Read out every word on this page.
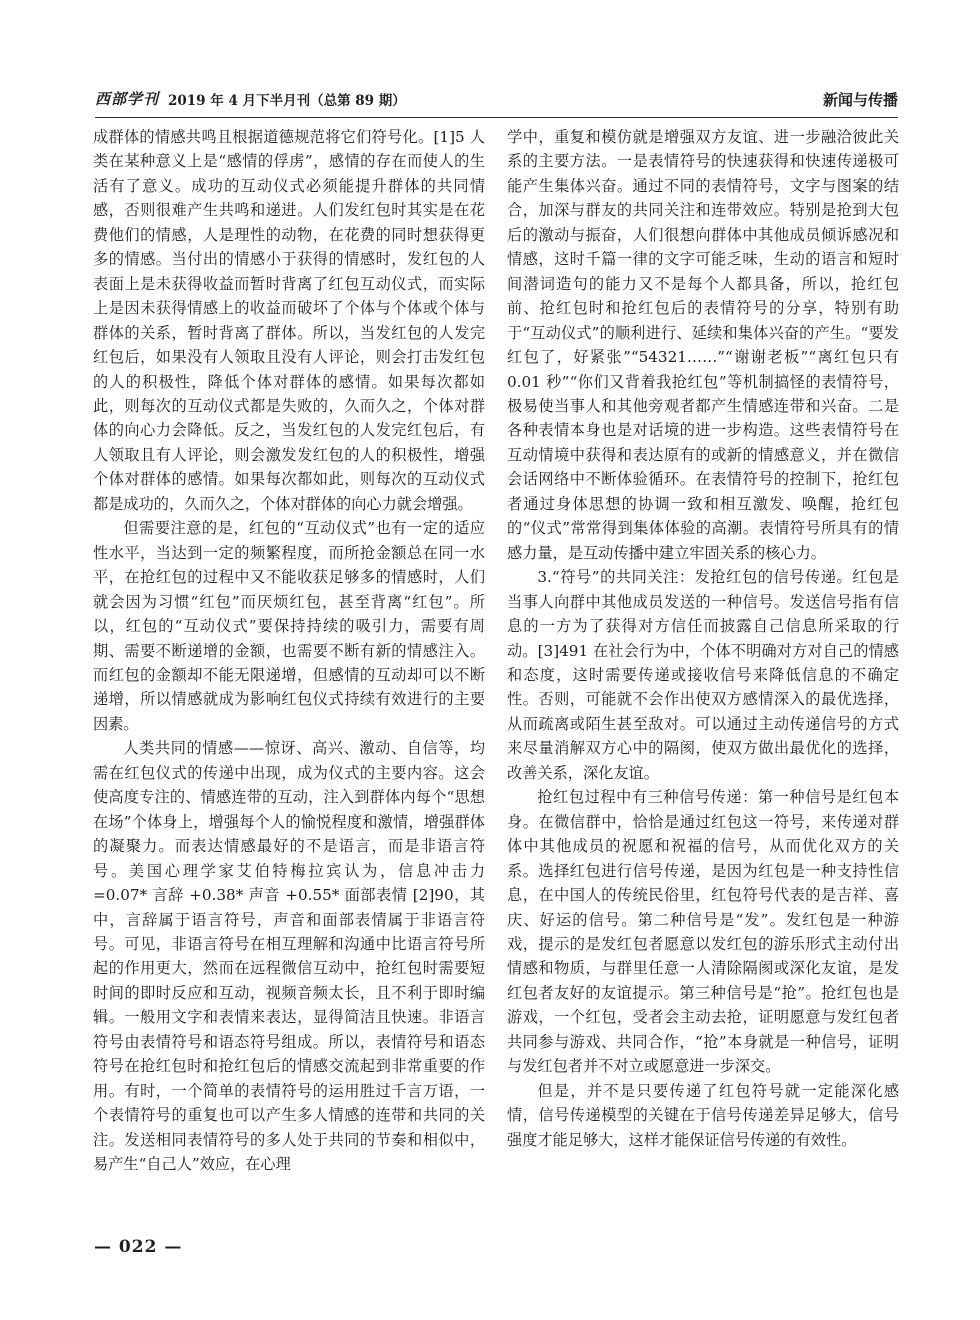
西部学刊 2019 年 4 月下半月刊（总第 89 期）	新闻与传播

成群体的情感共鸣且根据道德规范将它们符号化。[1]5 人类在某种意义上是“感情的俘虏”，感情的存在而使人的生活有了意义。成功的互动仪式必须能提升群体的共同情感，否则很难产生共鸣和递进。人们发红包时其实是在花费他们的情感，人是理性的动物，在花费的同时想获得更多的情感。当付出的情感小于获得的情感时，发红包的人表面上是未获得收益而暂时背离了红包互动仪式，而实际上是因未获得情感上的收益而破坏了个体与个体或个体与群体的关系，暂时背离了群体。所以，当发红包的人发完红包后，如果没有人领取且没有人评论，则会打击发红包的人的积极性，降低个体对群体的感情。如果每次都如此，则每次的互动仪式都是失败的，久而久之，个体对群体的向心力会降低。反之，当发红包的人发完红包后，有人领取且有人评论，则会激发发红包的人的积极性，增强个体对群体的感情。如果每次都如此，则每次的互动仪式都是成功的，久而久之，个体对群体的向心力就会增强。

但需要注意的是，红包的“互动仪式”也有一定的适应性水平，当达到一定的频繁程度，而所抢金额总在同一水平，在抢红包的过程中又不能收获足够多的情感时，人们就会因为习惯“红包”而厌烦红包，甚至背离“红包”。所以，红包的“互动仪式”要保持持续的吸引力，需要有周期、需要不断递增的金额，也需要不断有新的情感注入。而红包的金额却不能无限递增，但感情的互动却可以不断递增，所以情感就成为影响红包仪式持续有效进行的主要因素。

人类共同的情感——惊讶、高兴、激动、自信等，均需在红包仪式的传递中出现，成为仪式的主要内容。这会使高度专注的、情感连带的互动，注入到群体内每个“思想在场”个体身上，增强每个人的愉悦程度和激情，增强群体的凝聚力。而表达情感最好的不是语言，而是非语言符号。美国心理学家艾伯特梅拉宾认为，信息冲击力 =0.07* 言辞 +0.38* 声音 +0.55* 面部表情 [2]90，其中，言辞属于语言符号，声音和面部表情属于非语言符号。可见，非语言符号在相互理解和沟通中比语言符号所起的作用更大，然而在远程微信互动中，抢红包时需要短时间的即时反应和互动，视频音频太长，且不利于即时编辑。一般用文字和表情来表达，显得简洁且快速。非语言符号由表情符号和语态符号组成。所以，表情符号和语态符号在抢红包时和抢红包后的情感交流起到非常重要的作用。有时，一个简单的表情符号的运用胜过千言万语，一个表情符号的重复也可以产生多人情感的连带和共同的关注。发送相同表情符号的多人处于共同的节奏和相似中，易产生“自己人”效应，在心理

学中，重复和模仿就是增强双方友谊、进一步融洽彼此关系的主要方法。一是表情符号的快速获得和快速传递极可能产生集体兴奋。通过不同的表情符号，文字与图案的结合，加深与群友的共同关注和连带效应。特别是抢到大包后的激动与振奋，人们很想向群体中其他成员倾诉感况和情感，这时千篇一律的文字可能乏味，生动的语言和短时间潜词造句的能力又不是每个人都具备，所以，抢红包前、抢红包时和抢红包后的表情符号的分享，特别有助于“互动仪式”的顺利进行、延续和集体兴奋的产生。“要发红包了，好紧张”“54321……”“谢谢老板”“离红包只有 0.01 秒”“你们又背着我抢红包”等机制搞怪的表情符号，极易使当事人和其他旁观者都产生情感连带和兴奋。二是各种表情本身也是对话境的进一步构造。这些表情符号在互动情境中获得和表达原有的或新的情感意义，并在微信会话网络中不断体验循环。在表情符号的控制下，抢红包者通过身体思想的协调一致和相互激发、唤醒，抢红包的“仪式”常常得到集体体验的高潮。表情符号所具有的情感力量，是互动传播中建立牢固关系的核心力。

3.“符号”的共同关注：发抢红包的信号传递。红包是当事人向群中其他成员发送的一种信号。发送信号指有信息的一方为了获得对方信任而披露自己信息所采取的行动。[3]491 在社会行为中，个体不明确对方对自己的情感和态度，这时需要传递或接收信号来降低信息的不确定性。否则，可能就不会作出使双方感情深入的最优选择，从而疏离或陌生甚至敌对。可以通过主动传递信号的方式来尽量消解双方心中的隔阂，使双方做出最优化的选择，改善关系，深化友谊。

抢红包过程中有三种信号传递：第一种信号是红包本身。在微信群中，恰恰是通过红包这一符号，来传递对群体中其他成员的祝愿和祝福的信号，从而优化双方的关系。选择红包进行信号传递，是因为红包是一种支持性信息，在中国人的传统民俗里，红包符号代表的是吉祥、喜庆、好运的信号。第二种信号是“发”。发红包是一种游戏，提示的是发红包者愿意以发红包的游乐形式主动付出情感和物质，与群里任意一人清除隔阂或深化友谊，是发红包者友好的友谊提示。第三种信号是“抢”。抢红包也是游戏，一个红包，受者会主动去抢，证明愿意与发红包者共同参与游戏、共同合作，“抢”本身就是一种信号，证明与发红包者并不对立或愿意进一步深交。

但是，并不是只要传递了红包符号就一定能深化感情，信号传递模型的关键在于信号传递差异足够大，信号强度才能足够大，这样才能保证信号传递的有效性。

— 022 —
